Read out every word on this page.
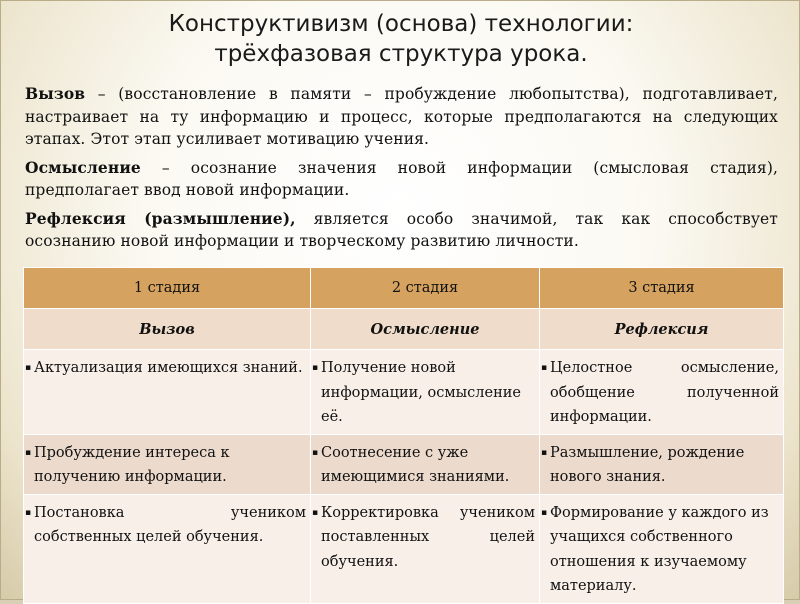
Конструктивизм (основа) технологии:
трёхфазовая структура урока.

Вызов – (восстановление в памяти – пробуждение любопытства), подготавливает, настраивает на ту информацию и процесс, которые предполагаются на следующих этапах. Этот этап усиливает мотивацию учения.

Осмысление – осознание значения новой информации (смысловая стадия), предполагает ввод новой информации.

Рефлексия (размышление), является особо значимой, так как способствует осознанию новой информации и творческому развитию личности.

1 стадия	2 стадия	3 стадия
Вызов	Осмысление	Рефлексия

▪ Актуализация имеющихся знаний.	▪ Получение новой информации, осмысление её.	▪ Целостное осмысление, обобщение полученной информации.

▪ Пробуждение интереса к получению информации.	▪ Соотнесение с уже имеющимися знаниями.	▪ Размышление, рождение нового знания.

▪ Постановка учеником собственных целей обучения.	▪ Корректировка учеником поставленных целей обучения.	▪ Формирование у каждого из учащихся собственного отношения к изучаемому материалу.
